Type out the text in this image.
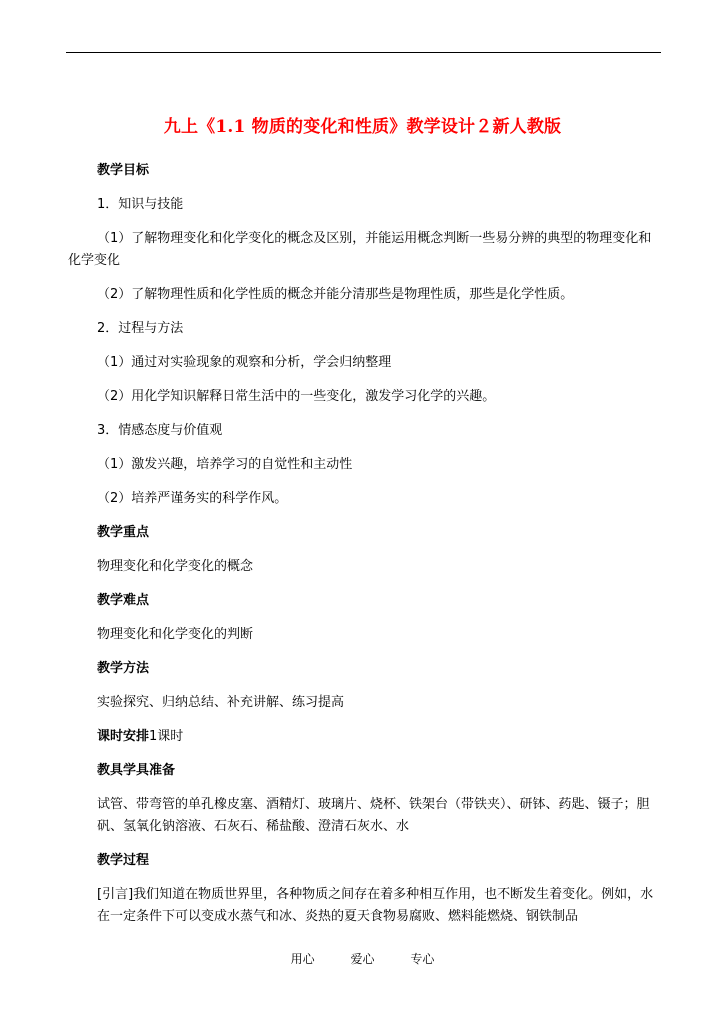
九上《1.1 物质的变化和性质》教学设计２新人教版

教学目标

1．知识与技能

（1）了解物理变化和化学变化的概念及区别，并能运用概念判断一些易分辨的典型的物理变化和化学变化

（2）了解物理性质和化学性质的概念并能分清那些是物理性质，那些是化学性质。

2．过程与方法

（1）通过对实验现象的观察和分析，学会归纳整理

（2）用化学知识解释日常生活中的一些变化，激发学习化学的兴趣。

3．情感态度与价值观

（1）激发兴趣，培养学习的自觉性和主动性

（2）培养严谨务实的科学作风。

教学重点

物理变化和化学变化的概念

教学难点

物理变化和化学变化的判断

教学方法

实验探究、归纳总结、补充讲解、练习提高

课时安排1课时

教具学具准备

试管、带弯管的单孔橡皮塞、酒精灯、玻璃片、烧杯、铁架台（带铁夹）、研钵、药匙、镊子；胆矾、氢氧化钠溶液、石灰石、稀盐酸、澄清石灰水、水

教学过程

[引言]我们知道在物质世界里，各种物质之间存在着多种相互作用，也不断发生着变化。例如，水在一定条件下可以变成水蒸气和冰、炎热的夏天食物易腐败、燃料能燃烧、钢铁制品

用心	爱心	专心
